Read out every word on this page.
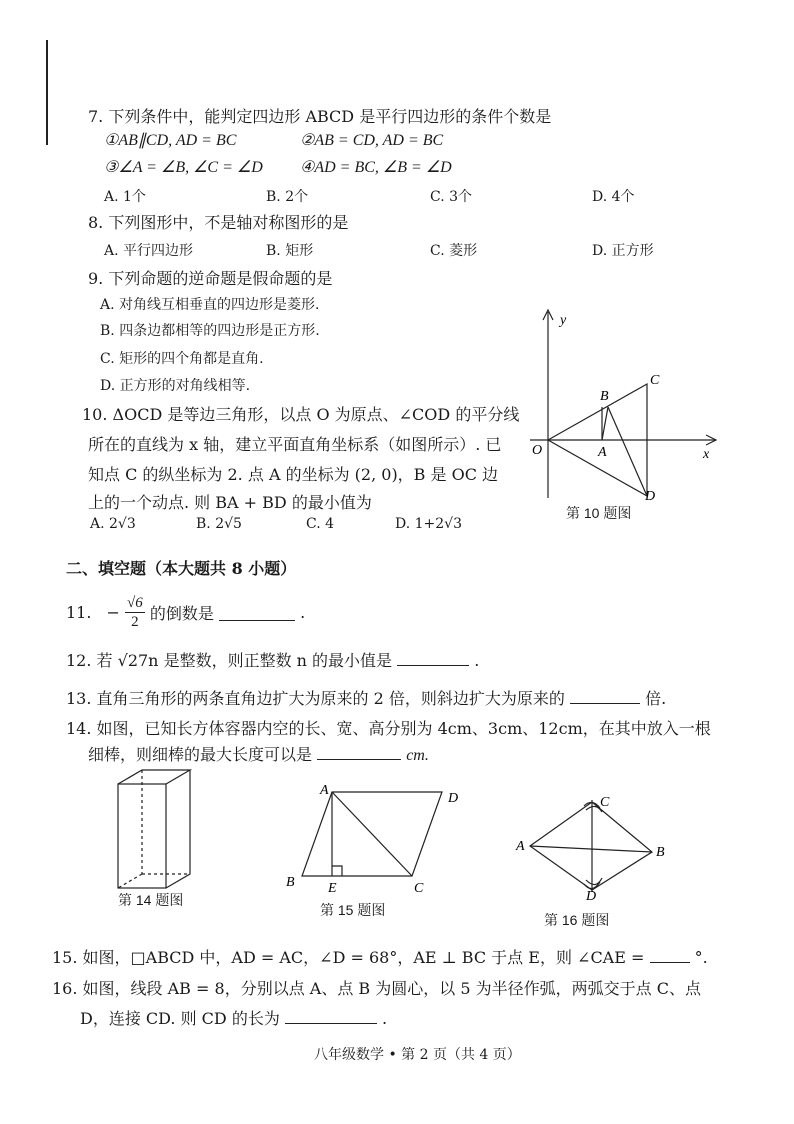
7. 下列条件中，能判定四边形 ABCD 是平行四边形的条件个数是
①AB∥CD, AD = BC	②AB = CD, AD = BC
③∠A = ∠B, ∠C = ∠D ④AD = BC, ∠B = ∠D
A. 1个	B. 2个	C. 3个	D. 4个
8. 下列图形中，不是轴对称图形的是
A. 平行四边形	B. 矩形	C. 菱形	D. 正方形
9. 下列命题的逆命题是假命题的是
A. 对角线互相垂直的四边形是菱形.
B. 四条边都相等的四边形是正方形.
C. 矩形的四个角都是直角.
D. 正方形的对角线相等.
10. ΔOCD 是等边三角形，以点 O 为原点、∠COD 的平分线
所在的直线为 x 轴，建立平面直角坐标系（如图所示）. 已
知点 C 的纵坐标为 2. 点 A 的坐标为 (2, 0)，B 是 OC 边
上的一个动点. 则 BA + BD 的最小值为
A. 2√3	B. 2√5	C. 4	D. 1+2√3
y
x
O	A
B
C
D
第 10 题图
二、填空题（本大题共 8 小题）
11. − $\frac{√6}{2}$ 的倒数是	.
12. 若 √27n 是整数，则正整数 n 的最小值是	.
13. 直角三角形的两条直角边扩大为原来的 2 倍，则斜边扩大为原来的	倍.
14. 如图，已知长方体容器内空的长、宽、高分别为 4cm、3cm、12cm，在其中放入一根
细棒，则细棒的最大长度可以是	cm.
第 14 题图
A
D
B E	C
第 15 题图
C
A	B
D
第 16 题图
15. 如图，□ABCD 中，AD = AC，∠D = 68°，AE ⊥ BC 于点 E，则 ∠CAE =	°.
16. 如图，线段 AB = 8，分别以点 A、点 B 为圆心，以 5 为半径作弧，两弧交于点 C、点
D，连接 CD. 则 CD 的长为	.
八年级数学 • 第 2 页（共 4 页）
